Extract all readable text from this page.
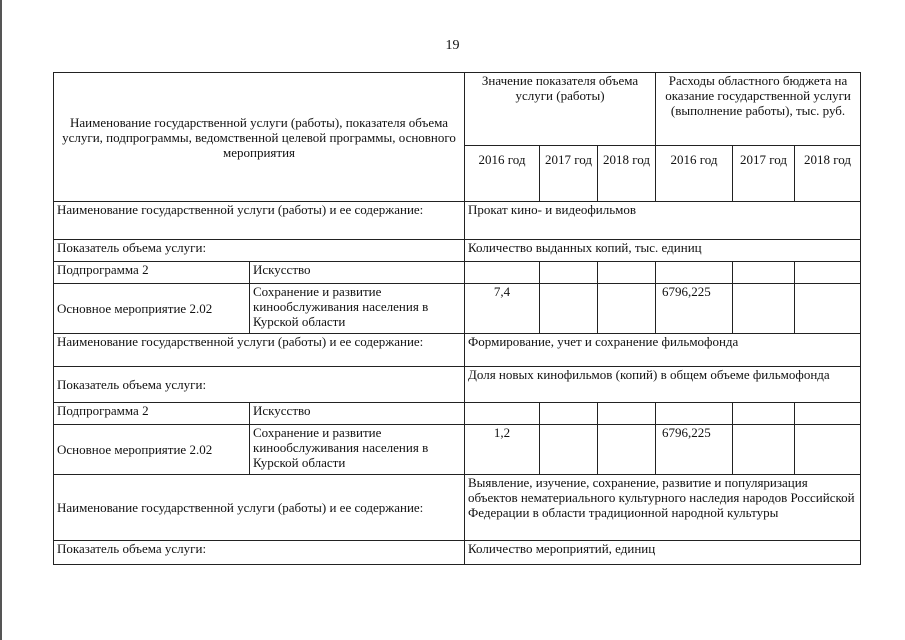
19
Наименование государственной услуги (работы), показателя объема услуги, подпрограммы, ведомственной целевой программы, основного мероприятия		Значение показателя объема услуги (работы)			Расходы областного бюджета на оказание государственной услуги (выполнение работы), тыс. руб.		
		2016 год	2017 год	2018 год	2016 год	2017 год	2018 год
Наименование государственной услуги (работы) и ее содержание:		Прокат кино- и видеофильмов					
Показатель объема услуги:		Количество выданных копий, тыс. единиц					
Подпрограмма 2	Искусство						
Основное мероприятие 2.02	Сохранение и развитие кинообслуживания населения в Курской области	7,4			6796,225		
Наименование государственной услуги (работы) и ее содержание:		Формирование, учет и сохранение фильмофонда					
Показатель объема услуги:		Доля новых кинофильмов (копий) в общем объеме фильмофонда					
Подпрограмма 2	Искусство						
Основное мероприятие 2.02	Сохранение и развитие кинообслуживания населения в Курской области	1,2			6796,225		
Наименование государственной услуги (работы) и ее содержание:		Выявление, изучение, сохранение, развитие и популяризация объектов нематериального культурного наследия народов Российской Федерации в области традиционной народной культуры					
Показатель объема услуги:		Количество мероприятий, единиц					
